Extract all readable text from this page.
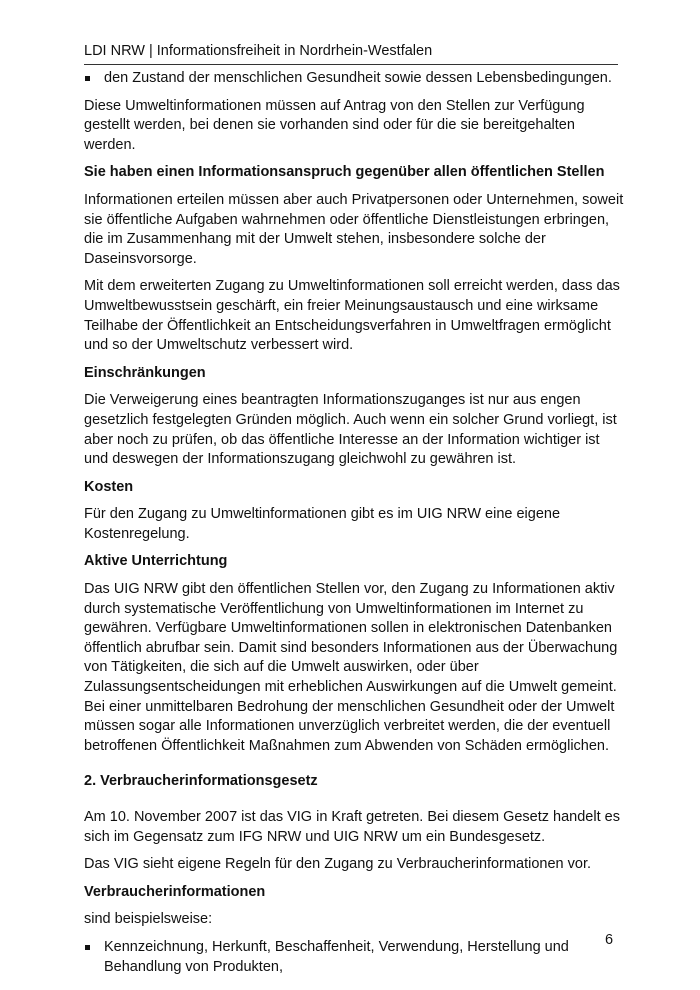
LDI NRW | Informationsfreiheit in Nordrhein-Westfalen
den Zustand der menschlichen Gesundheit sowie dessen Lebensbedingungen.

Diese Umweltinformationen müssen auf Antrag von den Stellen zur Verfügung gestellt werden, bei denen sie vorhanden sind oder für die sie bereitgehalten werden.

Sie haben einen Informationsanspruch gegenüber allen öffentlichen Stellen

Informationen erteilen müssen aber auch Privatpersonen oder Unternehmen, soweit sie öffentliche Aufgaben wahrnehmen oder öffentliche Dienstleistungen erbringen, die im Zusammenhang mit der Umwelt stehen, insbesondere solche der Daseinsvorsorge.

Mit dem erweiterten Zugang zu Umweltinformationen soll erreicht werden, dass das Umweltbewusstsein geschärft, ein freier Meinungsaustausch und eine wirksame Teilhabe der Öffentlichkeit an Entscheidungsverfahren in Umweltfragen ermöglicht und so der Umweltschutz verbessert wird.

Einschränkungen

Die Verweigerung eines beantragten Informationszuganges ist nur aus engen gesetzlich festgelegten Gründen möglich. Auch wenn ein solcher Grund vorliegt, ist aber noch zu prüfen, ob das öffentliche Interesse an der Information wichtiger ist und deswegen der Informationszugang gleichwohl zu gewähren ist.

Kosten

Für den Zugang zu Umweltinformationen gibt es im UIG NRW eine eigene Kostenregelung.

Aktive Unterrichtung

Das UIG NRW gibt den öffentlichen Stellen vor, den Zugang zu Informationen aktiv durch systematische Veröffentlichung von Umweltinformationen im Internet zu gewähren. Verfügbare Umweltinformationen sollen in elektronischen Datenbanken öffentlich abrufbar sein. Damit sind besonders Informationen aus der Überwachung von Tätigkeiten, die sich auf die Umwelt auswirken, oder über Zulassungsentscheidungen mit erheblichen Auswirkungen auf die Umwelt gemeint. Bei einer unmittelbaren Bedrohung der menschlichen Gesundheit oder der Umwelt müssen sogar alle Informationen unverzüglich verbreitet werden, die der eventuell betroffenen Öffentlichkeit Maßnahmen zum Abwenden von Schäden ermöglichen.

2. Verbraucherinformationsgesetz

Am 10. November 2007 ist das VIG in Kraft getreten. Bei diesem Gesetz handelt es sich im Gegensatz zum IFG NRW und UIG NRW um ein Bundesgesetz.

Das VIG sieht eigene Regeln für den Zugang zu Verbraucherinformationen vor.

Verbraucherinformationen

sind beispielsweise:

Kennzeichnung, Herkunft, Beschaffenheit, Verwendung, Herstellung und Behandlung von Produkten,
6
